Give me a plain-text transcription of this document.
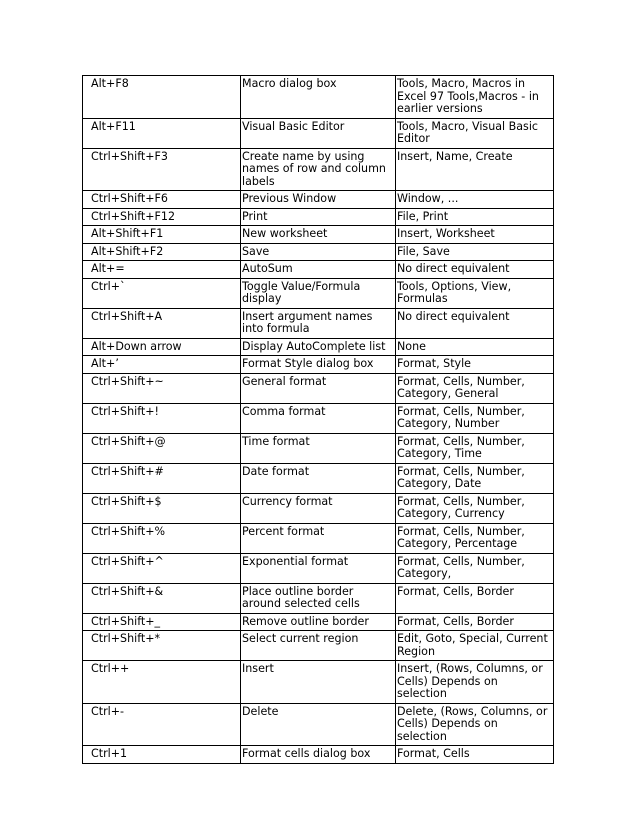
Alt+F8	Macro dialog box	Tools, Macro, Macros in Excel 97 Tools,Macros - in earlier versions
Alt+F11	Visual Basic Editor	Tools, Macro, Visual Basic Editor
Ctrl+Shift+F3	Create name by using names of row and column labels	Insert, Name, Create
Ctrl+Shift+F6	Previous Window	Window, ...
Ctrl+Shift+F12	Print	File, Print
Alt+Shift+F1	New worksheet	Insert, Worksheet
Alt+Shift+F2	Save	File, Save
Alt+=	AutoSum	No direct equivalent
Ctrl+`	Toggle Value/Formula display	Tools, Options, View, Formulas
Ctrl+Shift+A	Insert argument names into formula	No direct equivalent
Alt+Down arrow	Display AutoComplete list	None
Alt+’	Format Style dialog box	Format, Style
Ctrl+Shift+~	General format	Format, Cells, Number, Category, General
Ctrl+Shift+!	Comma format	Format, Cells, Number, Category, Number
Ctrl+Shift+@	Time format	Format, Cells, Number, Category, Time
Ctrl+Shift+#	Date format	Format, Cells, Number, Category, Date
Ctrl+Shift+$	Currency format	Format, Cells, Number, Category, Currency
Ctrl+Shift+%	Percent format	Format, Cells, Number, Category, Percentage
Ctrl+Shift+^	Exponential format	Format, Cells, Number, Category,
Ctrl+Shift+&	Place outline border around selected cells	Format, Cells, Border
Ctrl+Shift+_	Remove outline border	Format, Cells, Border
Ctrl+Shift+*	Select current region	Edit, Goto, Special, Current Region
Ctrl++	Insert	Insert, (Rows, Columns, or Cells) Depends on selection
Ctrl+-	Delete	Delete, (Rows, Columns, or Cells) Depends on selection
Ctrl+1	Format cells dialog box	Format, Cells
